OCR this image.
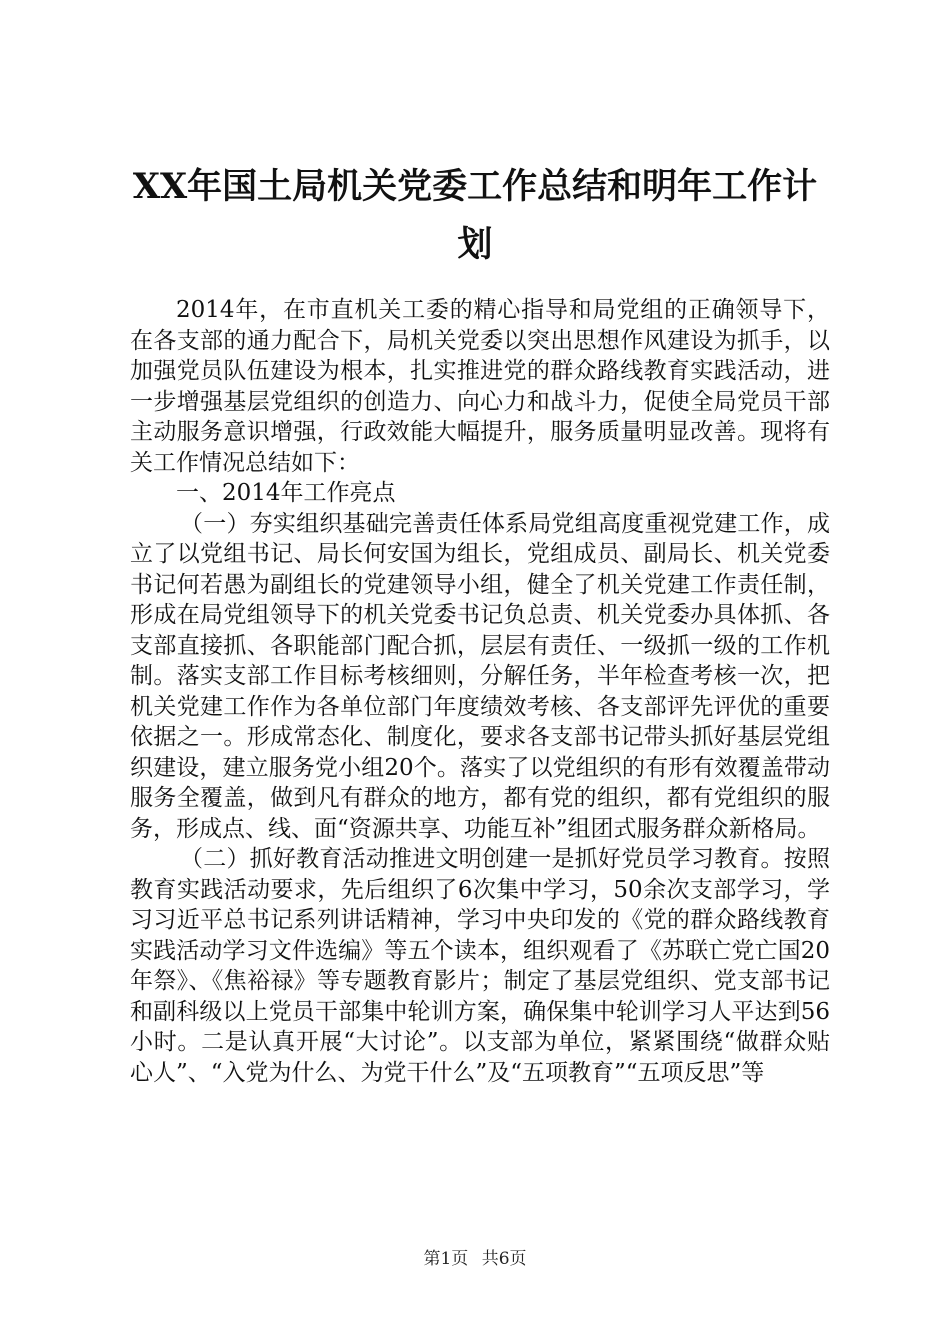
XX年国土局机关党委工作总结和明年工作计划

2014年，在市直机关工委的精心指导和局党组的正确领导下，在各支部的通力配合下，局机关党委以突出思想作风建设为抓手，以加强党员队伍建设为根本，扎实推进党的群众路线教育实践活动，进一步增强基层党组织的创造力、向心力和战斗力，促使全局党员干部主动服务意识增强，行政效能大幅提升，服务质量明显改善。现将有关工作情况总结如下：

一、2014年工作亮点

（一）夯实组织基础完善责任体系局党组高度重视党建工作，成立了以党组书记、局长何安国为组长，党组成员、副局长、机关党委书记何若愚为副组长的党建领导小组，健全了机关党建工作责任制，形成在局党组领导下的机关党委书记负总责、机关党委办具体抓、各支部直接抓、各职能部门配合抓，层层有责任、一级抓一级的工作机制。落实支部工作目标考核细则，分解任务，半年检查考核一次，把机关党建工作作为各单位部门年度绩效考核、各支部评先评优的重要依据之一。形成常态化、制度化，要求各支部书记带头抓好基层党组织建设，建立服务党小组20个。落实了以党组织的有形有效覆盖带动服务全覆盖，做到凡有群众的地方，都有党的组织，都有党组织的服务，形成点、线、面“资源共享、功能互补”组团式服务群众新格局。

（二）抓好教育活动推进文明创建一是抓好党员学习教育。按照教育实践活动要求，先后组织了6次集中学习，50余次支部学习，学习习近平总书记系列讲话精神，学习中央印发的《党的群众路线教育实践活动学习文件选编》等五个读本，组织观看了《苏联亡党亡国20年祭》、《焦裕禄》等专题教育影片；制定了基层党组织、党支部书记和副科级以上党员干部集中轮训方案，确保集中轮训学习人平达到56小时。二是认真开展“大讨论”。以支部为单位，紧紧围绕“做群众贴心人”、“入党为什么、为党干什么”及“五项教育”“五项反思”等

第1页 共6页
